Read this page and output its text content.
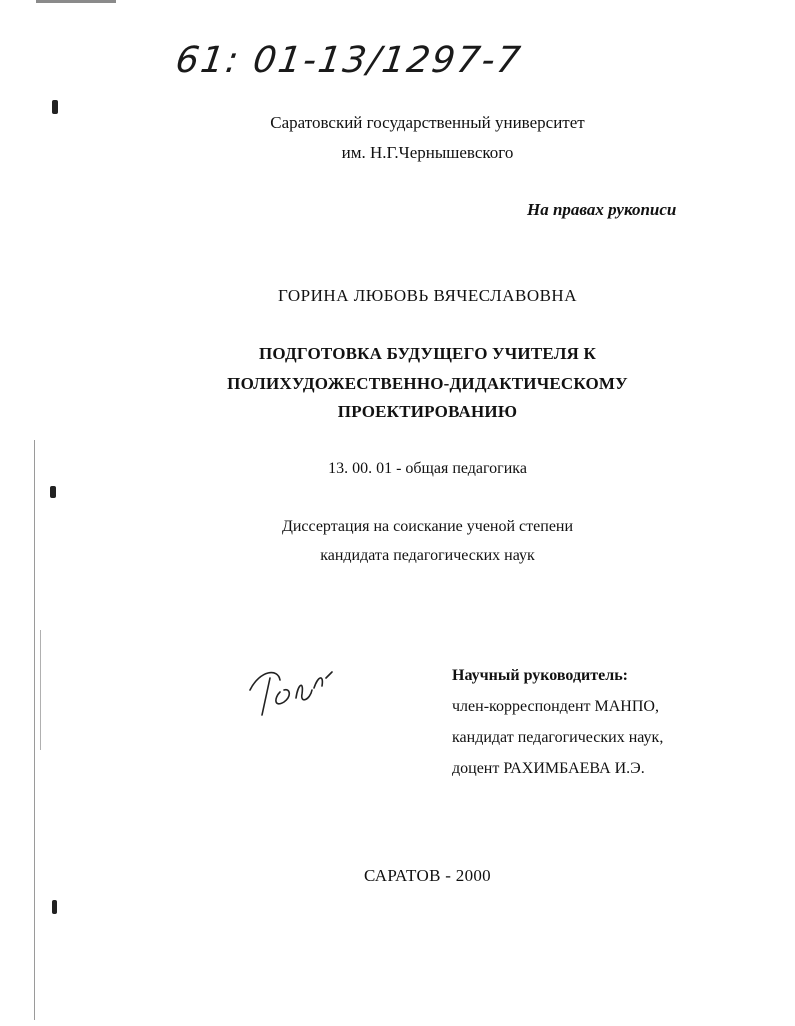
61: 01-13/1297-7
Саратовский государственный университет
им. Н.Г.Чернышевского
На правах рукописи
ГОРИНА ЛЮБОВЬ ВЯЧЕСЛАВОВНА
ПОДГОТОВКА БУДУЩЕГО УЧИТЕЛЯ К
ПОЛИХУДОЖЕСТВЕННО-ДИДАКТИЧЕСКОМУ
ПРОЕКТИРОВАНИЮ
13. 00. 01 - общая педагогика
Диссертация на соискание ученой степени
кандидата педагогических наук
Научный руководитель:
член-корреспондент МАНПО,
кандидат педагогических наук,
доцент РАХИМБАЕВА И.Э.
САРАТОВ - 2000
